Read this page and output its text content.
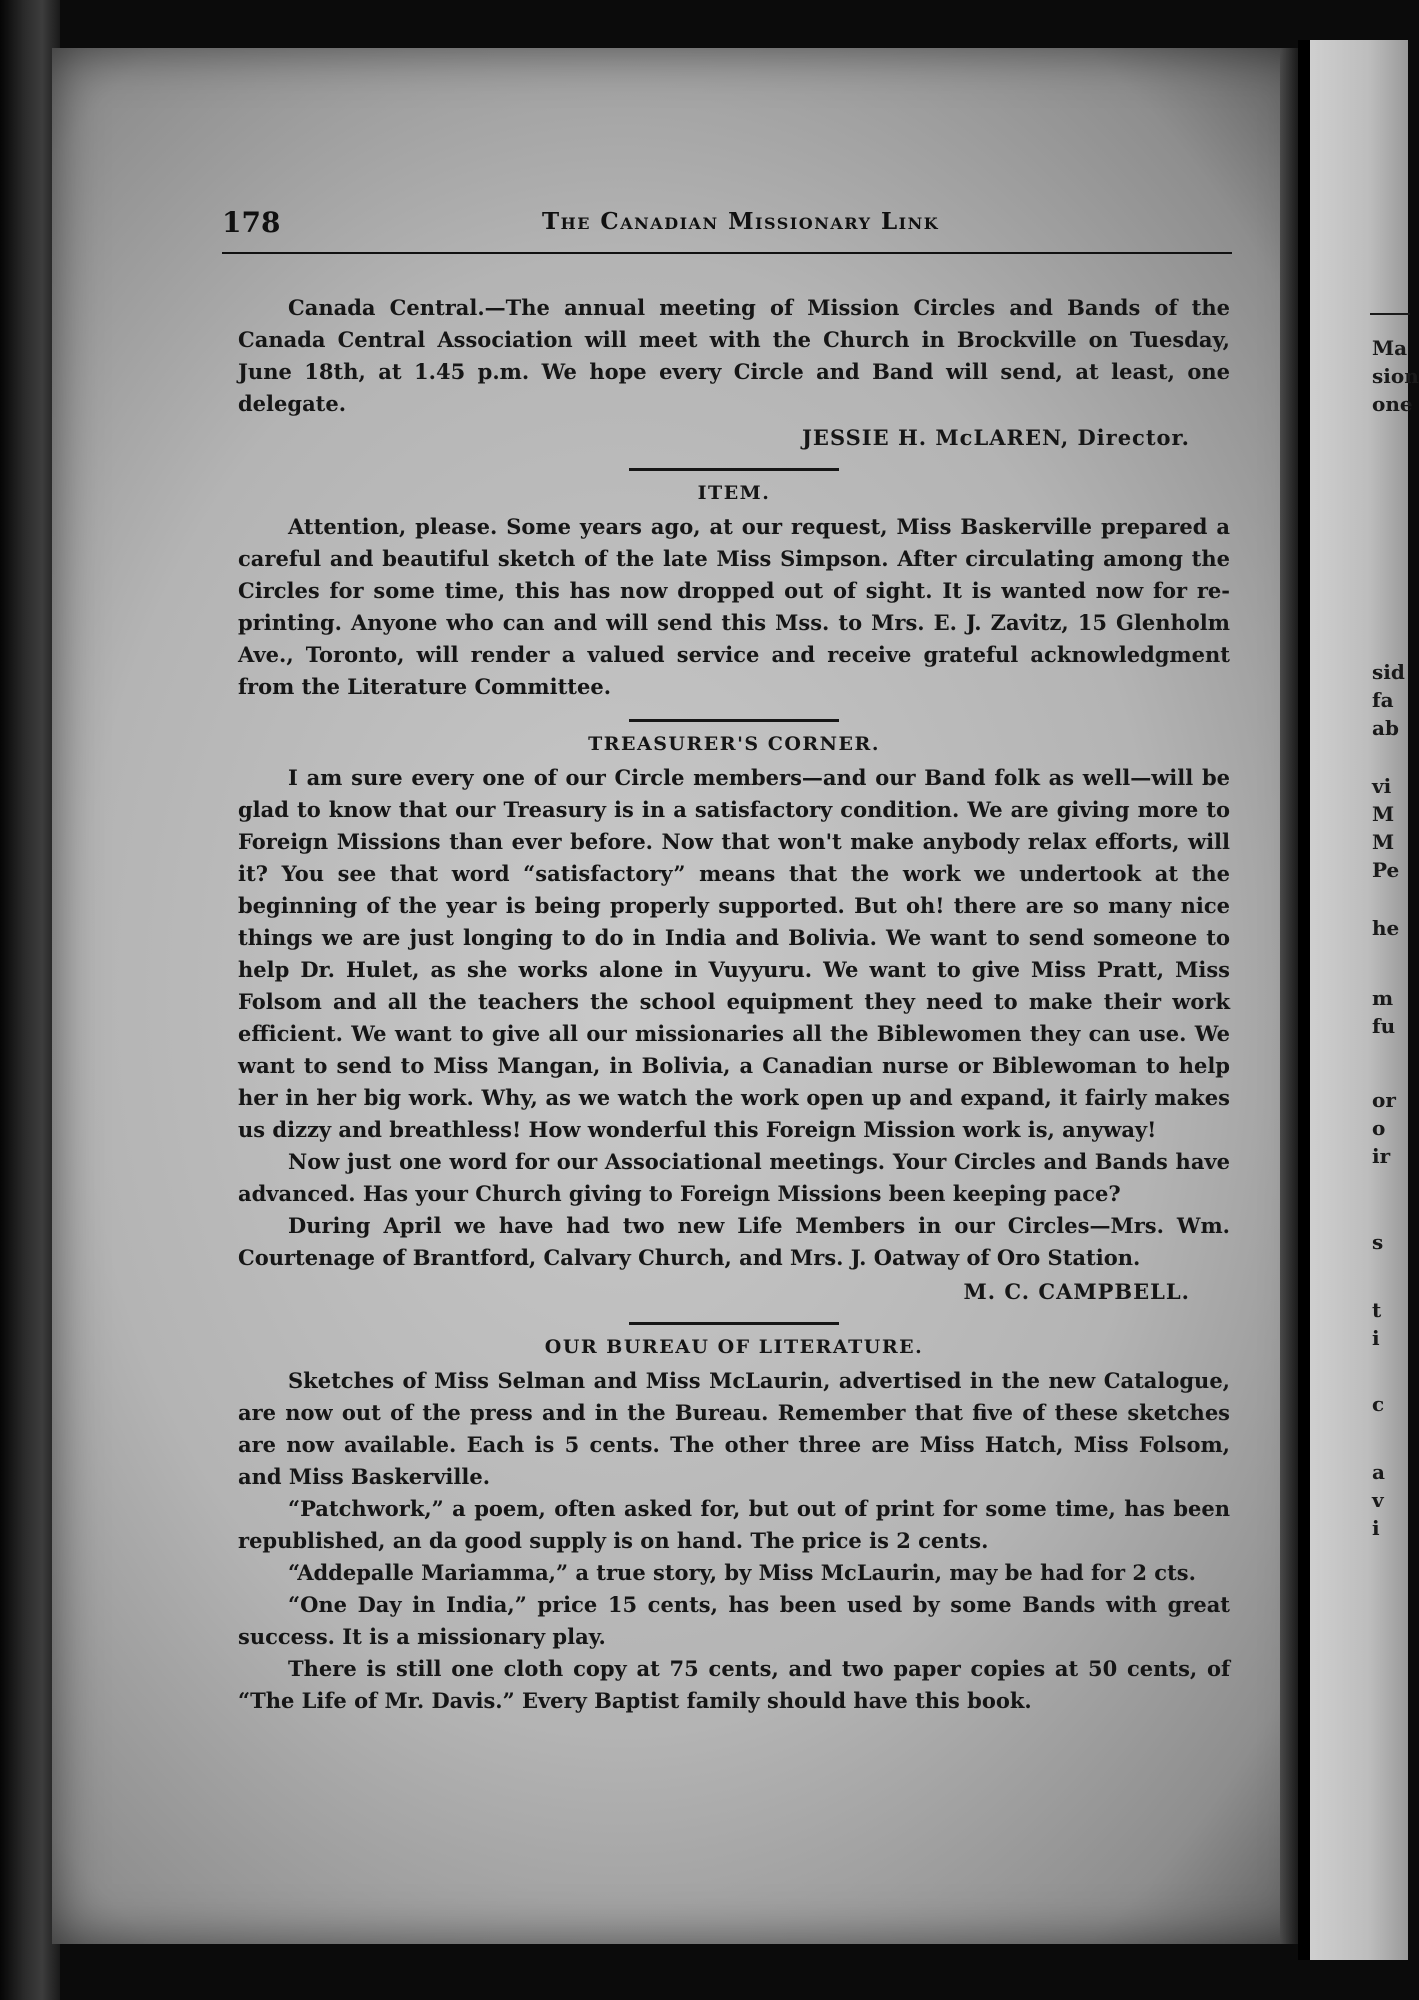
Ma
sion
one
sid
fa
ab
vi
M
M
Pe
he
m
fu
or
o
ir
s
t
i
c
a
v
i
178	The Canadian Missionary Link

Canada Central.—The annual meeting of Mission Circles and Bands of the Canada Central Association will meet with the Church in Brockville on Tuesday, June 18th, at 1.45 p.m. We hope every Circle and Band will send, at least, one delegate.

JESSIE H. McLAREN, Director.

ITEM.

Attention, please. Some years ago, at our request, Miss Baskerville prepared a careful and beautiful sketch of the late Miss Simpson. After circulating among the Circles for some time, this has now dropped out of sight. It is wanted now for re-printing. Anyone who can and will send this Mss. to Mrs. E. J. Zavitz, 15 Glenholm Ave., Toronto, will render a valued service and receive grateful acknowledgment from the Literature Committee.

TREASURER'S CORNER.

I am sure every one of our Circle members—and our Band folk as well—will be glad to know that our Treasury is in a satisfactory condition. We are giving more to Foreign Missions than ever before. Now that won't make anybody relax efforts, will it? You see that word “satisfactory” means that the work we undertook at the beginning of the year is being properly supported. But oh! there are so many nice things we are just longing to do in India and Bolivia. We want to send someone to help Dr. Hulet, as she works alone in Vuyyuru. We want to give Miss Pratt, Miss Folsom and all the teachers the school equipment they need to make their work efficient. We want to give all our missionaries all the Biblewomen they can use. We want to send to Miss Mangan, in Bolivia, a Canadian nurse or Biblewoman to help her in her big work. Why, as we watch the work open up and expand, it fairly makes us dizzy and breathless! How wonderful this Foreign Mission work is, anyway!

Now just one word for our Associational meetings. Your Circles and Bands have advanced. Has your Church giving to Foreign Missions been keeping pace?

During April we have had two new Life Members in our Circles—Mrs. Wm. Courtenage of Brantford, Calvary Church, and Mrs. J. Oatway of Oro Station.

M. C. CAMPBELL.

OUR BUREAU OF LITERATURE.

Sketches of Miss Selman and Miss McLaurin, advertised in the new Catalogue, are now out of the press and in the Bureau. Remember that five of these sketches are now available. Each is 5 cents. The other three are Miss Hatch, Miss Folsom, and Miss Baskerville.

“Patchwork,” a poem, often asked for, but out of print for some time, has been republished, an da good supply is on hand. The price is 2 cents.

“Addepalle Mariamma,” a true story, by Miss McLaurin, may be had for 2 cts.

“One Day in India,” price 15 cents, has been used by some Bands with great success. It is a missionary play.

There is still one cloth copy at 75 cents, and two paper copies at 50 cents, of “The Life of Mr. Davis.” Every Baptist family should have this book.
